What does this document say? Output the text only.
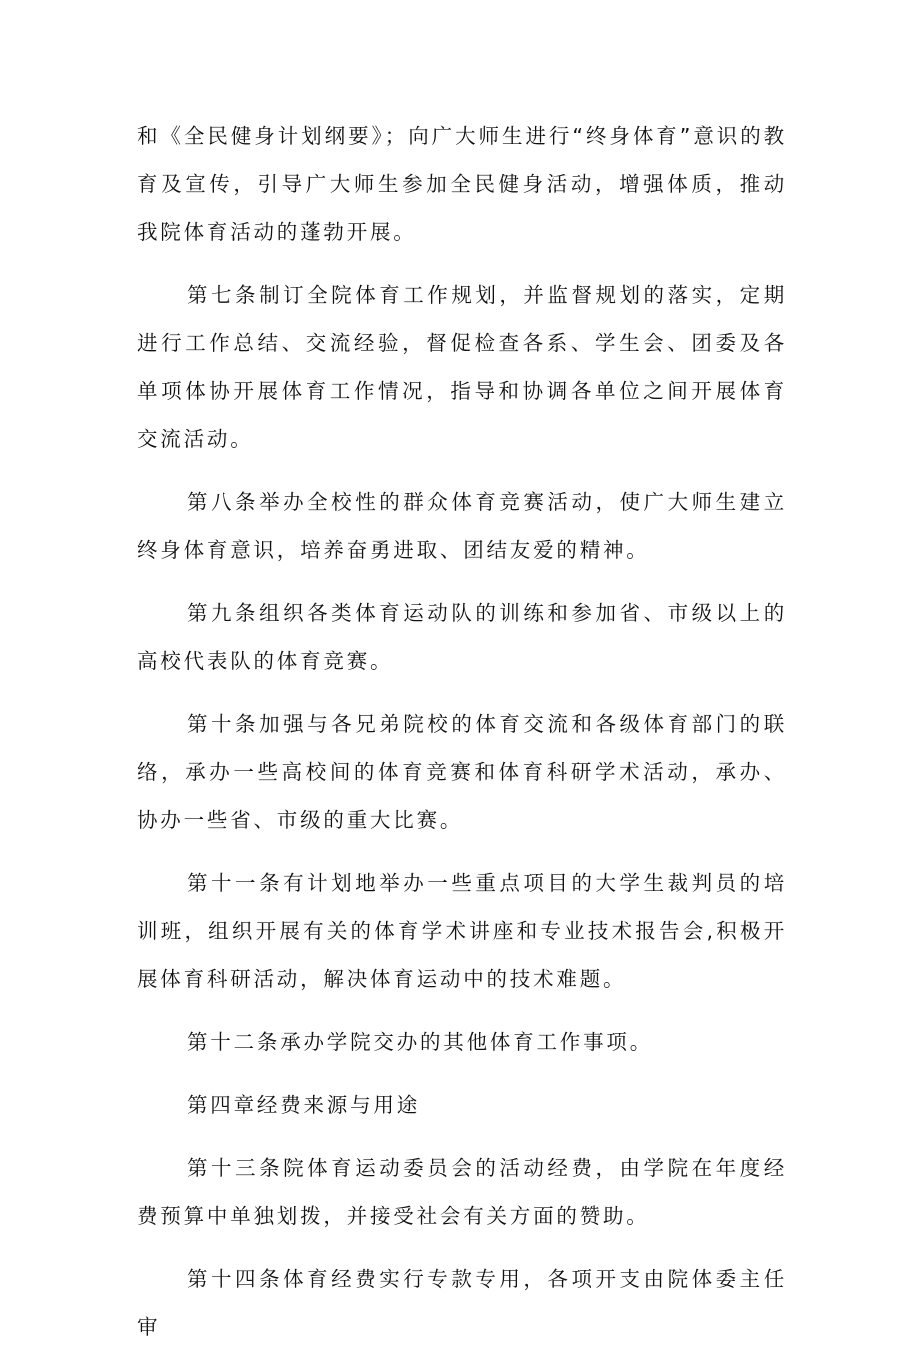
和《全民健身计划纲要》；向广大师生进行“终身体育”意识的教育及宣传，引导广大师生参加全民健身活动，增强体质，推动我院体育活动的蓬勃开展。

第七条制订全院体育工作规划，并监督规划的落实，定期进行工作总结、交流经验，督促检查各系、学生会、团委及各单项体协开展体育工作情况，指导和协调各单位之间开展体育交流活动。

第八条举办全校性的群众体育竞赛活动，使广大师生建立终身体育意识，培养奋勇进取、团结友爱的精神。

第九条组织各类体育运动队的训练和参加省、市级以上的高校代表队的体育竞赛。

第十条加强与各兄弟院校的体育交流和各级体育部门的联络，承办一些高校间的体育竞赛和体育科研学术活动，承办、协办一些省、市级的重大比赛。

第十一条有计划地举办一些重点项目的大学生裁判员的培训班，组织开展有关的体育学术讲座和专业技术报告会,积极开展体育科研活动，解决体育运动中的技术难题。

第十二条承办学院交办的其他体育工作事项。

第四章经费来源与用途

第十三条院体育运动委员会的活动经费，由学院在年度经费预算中单独划拨，并接受社会有关方面的赞助。

第十四条体育经费实行专款专用，各项开支由院体委主任审
